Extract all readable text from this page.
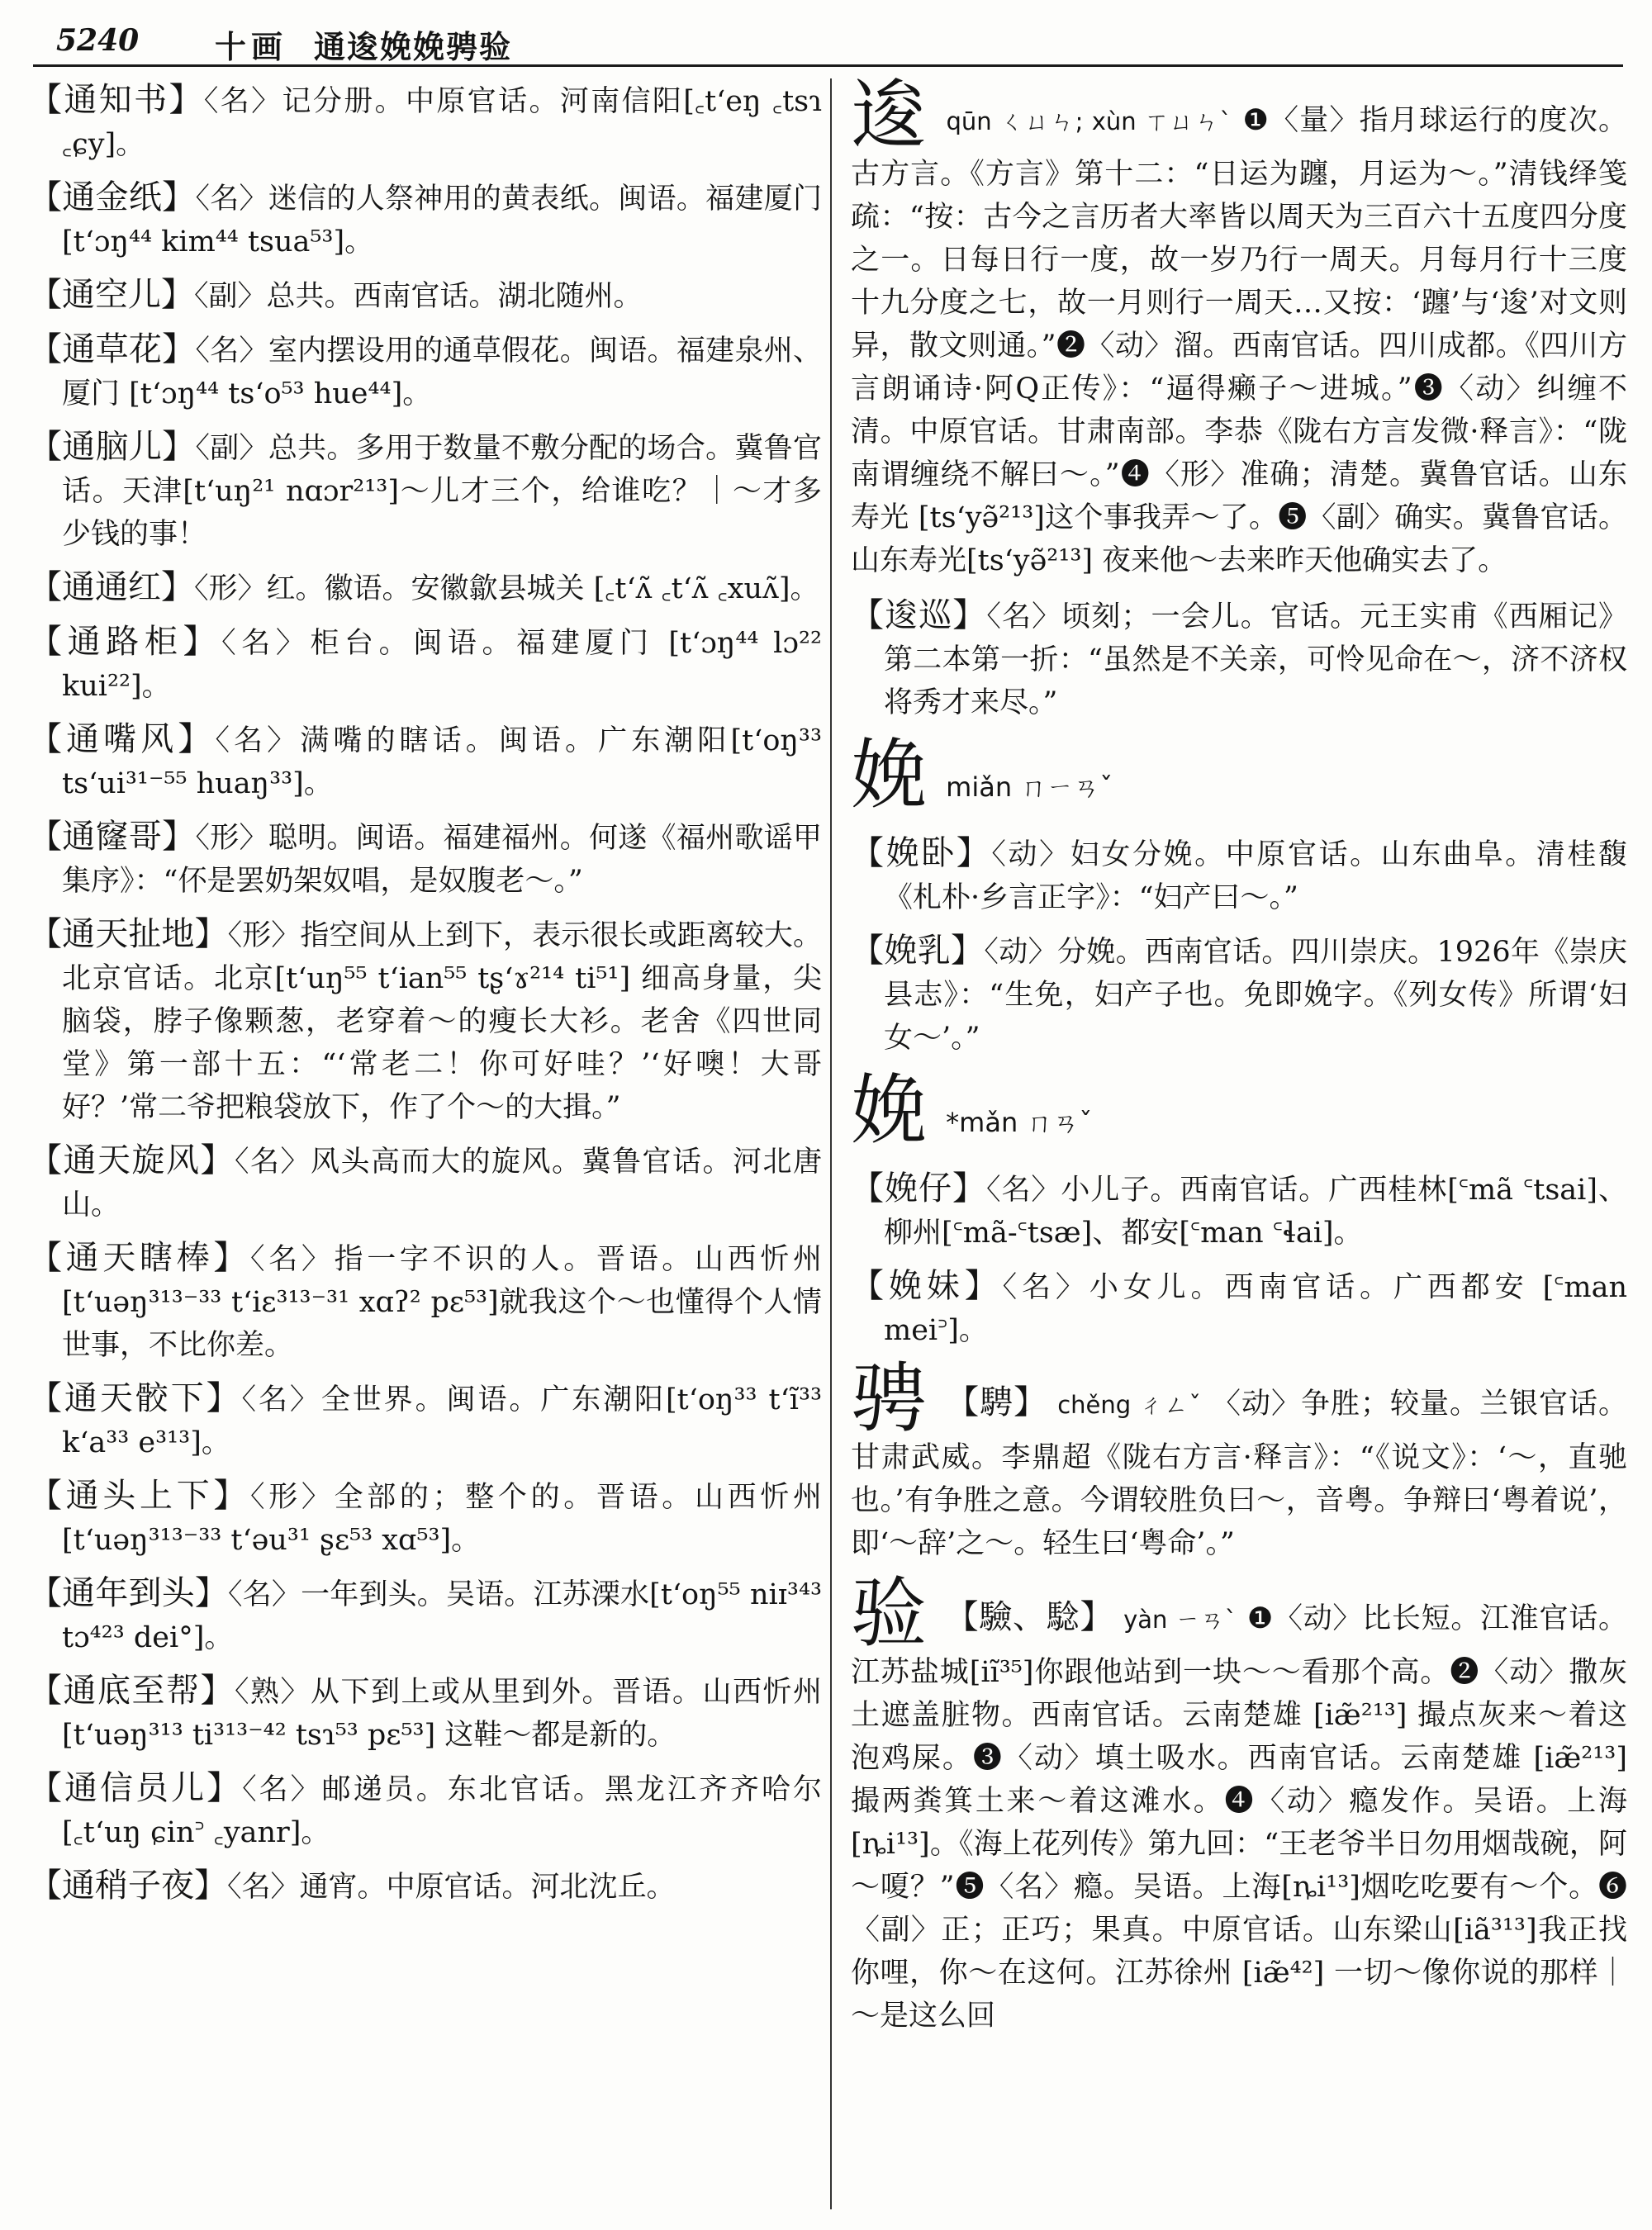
5240 十画 通逡娩娩骋验
【通知书】〈名〉记分册。中原官话。河南信阳[꜀tʻeŋ ꜀tsɿ ꜀ɕy]。
【通金纸】〈名〉迷信的人祭神用的黄表纸。闽语。福建厦门 [tʻɔŋ⁴⁴ kim⁴⁴ tsua⁵³]。
【通空儿】〈副〉总共。西南官话。湖北随州。
【通草花】〈名〉室内摆设用的通草假花。闽语。福建泉州、厦门 [tʻɔŋ⁴⁴ tsʻo⁵³ hue⁴⁴]。
【通脑儿】〈副〉总共。多用于数量不敷分配的场合。冀鲁官话。天津[tʻuŋ²¹ nɑɔr²¹³]～儿才三个，给谁吃？｜～才多少钱的事！
【通通红】〈形〉红。徽语。安徽歙县城关 [꜀tʻʌ̃ ꜀tʻʌ̃ ꜀xuʌ̃]。
【通路柜】〈名〉柜台。闽语。福建厦门 [tʻɔŋ⁴⁴ lɔ²² kui²²]。
【通嘴风】〈名〉满嘴的瞎话。闽语。广东潮阳[tʻoŋ³³ tsʻui³¹⁻⁵⁵ huaŋ³³]。
【通窿哥】〈形〉聪明。闽语。福建福州。何遂《福州歌谣甲集序》：“伓是罢奶架奴唱，是奴腹老～。”
【通天扯地】〈形〉指空间从上到下，表示很长或距离较大。北京官话。北京[tʻuŋ⁵⁵ tʻian⁵⁵ tʂʻɤ²¹⁴ ti⁵¹] 细高身量，尖脑袋，脖子像颗葱，老穿着～的瘦长大衫。老舍《四世同堂》第一部十五：“‘常老二！你可好哇？’‘好噢！大哥好？’常二爷把粮袋放下，作了个～的大揖。”
【通天旋风】〈名〉风头高而大的旋风。冀鲁官话。河北唐山。
【通天瞎棒】〈名〉指一字不识的人。晋语。山西忻州 [tʻuəŋ³¹³⁻³³ tʻiɛ³¹³⁻³¹ xɑʔ² pɛ⁵³]就我这个～也懂得个人情世事，不比你差。
【通天骹下】〈名〉全世界。闽语。广东潮阳[tʻoŋ³³ tʻĩ³³ kʻa³³ e³¹³]。
【通头上下】〈形〉全部的；整个的。晋语。山西忻州 [tʻuəŋ³¹³⁻³³ tʻəu³¹ ʂɛ⁵³ xɑ⁵³]。
【通年到头】〈名〉一年到头。吴语。江苏溧水[tʻoŋ⁵⁵ niɪ³⁴³ tɔ⁴²³ dei°]。
【通底至帮】〈熟〉从下到上或从里到外。晋语。山西忻州 [tʻuəŋ³¹³ ti³¹³⁻⁴² tsɿ⁵³ pɛ⁵³] 这鞋～都是新的。
【通信员儿】〈名〉邮递员。东北官话。黑龙江齐齐哈尔 [꜀tʻuŋ ɕin꜄ ꜀yanr]。
【通稍子夜】〈名〉通宵。中原官话。河北沈丘。
逡 qūn ㄑㄩㄣ; xùn ㄒㄩㄣˋ ❶〈量〉指月球运行的度次。古方言。《方言》第十二：“日运为躔，月运为～。”清钱绎笺疏：“按：古今之言历者大率皆以周天为三百六十五度四分度之一。日每日行一度，故一岁乃行一周天。月每月行十三度十九分度之七，故一月则行一周天…又按：‘躔’与‘逡’对文则异，散文则通。”❷〈动〉溜。西南官话。四川成都。《四川方言朗诵诗·阿Q正传》：“逼得癞子～进城。”❸〈动〉纠缠不清。中原官话。甘肃南部。李恭《陇右方言发微·释言》：“陇南谓缠绕不解曰～。”❹〈形〉准确；清楚。冀鲁官话。山东寿光 [tsʻyə̃²¹³]这个事我弄～了。❺〈副〉确实。冀鲁官话。山东寿光[tsʻyə̃²¹³] 夜来他～去来昨天他确实去了。
【逡巡】〈名〉顷刻；一会儿。官话。元王实甫《西厢记》第二本第一折：“虽然是不关亲，可怜见命在～，济不济权将秀才来尽。”
娩 miǎn ㄇㄧㄢˇ
【娩卧】〈动〉妇女分娩。中原官话。山东曲阜。清桂馥《札朴·乡言正字》：“妇产曰～。”
【娩乳】〈动〉分娩。西南官话。四川崇庆。1926年《崇庆县志》：“生免，妇产子也。免即娩字。《列女传》所谓‘妇女～’。”
娩 *mǎn ㄇㄢˇ
【娩仔】〈名〉小儿子。西南官话。广西桂林[꜂mã ꜂tsai]、柳州[꜂mã-꜂tsæ]、都安[꜂man ꜂ɬai]。
【娩妹】〈名〉小女儿。西南官话。广西都安 [꜂man mei꜄]。
骋 【騁】 chěng ㄔㄥˇ 〈动〉争胜；较量。兰银官话。甘肃武威。李鼎超《陇右方言·释言》：“《说文》：‘～，直驰也。’有争胜之意。今谓较胜负曰～，音粤。争辩曰‘粤着说’，即‘～辞’之～。轻生曰‘粤命’。”
验 【驗、騐】 yàn ㄧㄢˋ ❶〈动〉比长短。江淮官话。江苏盐城[iĩ³⁵]你跟他站到一块～～看那个高。❷〈动〉撒灰土遮盖脏物。西南官话。云南楚雄 [iæ̃²¹³] 撮点灰来～着这泡鸡屎。❸〈动〉填土吸水。西南官话。云南楚雄 [iæ̃²¹³] 撮两粪箕土来～着这滩水。❹〈动〉瘾发作。吴语。上海[ȵi¹³]。《海上花列传》第九回：“王老爷半日勿用烟哉碗，阿～嗄？”❺〈名〉瘾。吴语。上海[ȵi¹³]烟吃吃要有～个。❻〈副〉正；正巧；果真。中原官话。山东梁山[iã³¹³]我正找你哩，你～在这何。江苏徐州 [iæ̃⁴²] 一切～像你说的那样｜～是这么回
